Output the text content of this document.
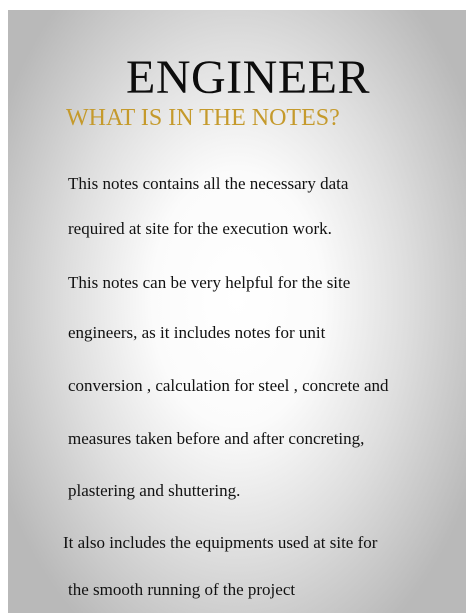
ENGINEER
WHAT IS IN THE NOTES?
This notes contains all the necessary data
required at site for the execution work.
This notes can be very helpful for the site
engineers, as it includes notes for unit
conversion , calculation for steel , concrete and
measures taken before and after concreting,
plastering and shuttering.
It also includes the equipments used at site for
the smooth running of the project
